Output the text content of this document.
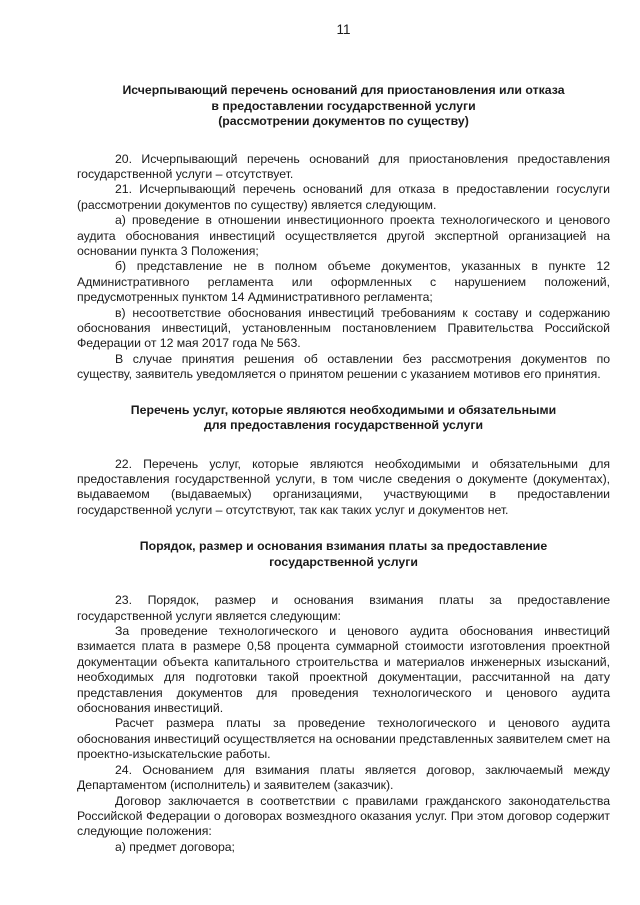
11
Исчерпывающий перечень оснований для приостановления или отказа
в предоставлении государственной услуги
(рассмотрении документов по существу)

20. Исчерпывающий перечень оснований для приостановления предоставления государственной услуги – отсутствует.

21. Исчерпывающий перечень оснований для отказа в предоставлении госуслуги (рассмотрении документов по существу) является следующим.

а) проведение в отношении инвестиционного проекта технологического и ценового аудита обоснования инвестиций осуществляется другой экспертной организацией на основании пункта 3 Положения;

б) представление не в полном объеме документов, указанных в пункте 12 Административного регламента или оформленных с нарушением положений, предусмотренных пунктом 14 Административного регламента;

в) несоответствие обоснования инвестиций требованиям к составу и содержанию обоснования инвестиций, установленным постановлением Правительства Российской Федерации от 12 мая 2017 года № 563.

В случае принятия решения об оставлении без рассмотрения документов по существу, заявитель уведомляется о принятом решении с указанием мотивов его принятия.

Перечень услуг, которые являются необходимыми и обязательными
для предоставления государственной услуги

22. Перечень услуг, которые являются необходимыми и обязательными для предоставления государственной услуги, в том числе сведения о документе (документах), выдаваемом (выдаваемых) организациями, участвующими в предоставлении государственной услуги – отсутствуют, так как таких услуг и документов нет.

Порядок, размер и основания взимания платы за предоставление
государственной услуги

23. Порядок, размер и основания взимания платы за предоставление государственной услуги является следующим:

За проведение технологического и ценового аудита обоснования инвестиций взимается плата в размере 0,58 процента суммарной стоимости изготовления проектной документации объекта капитального строительства и материалов инженерных изысканий, необходимых для подготовки такой проектной документации, рассчитанной на дату представления документов для проведения технологического и ценового аудита обоснования инвестиций.

Расчет размера платы за проведение технологического и ценового аудита обоснования инвестиций осуществляется на основании представленных заявителем смет на проектно-изыскательские работы.

24. Основанием для взимания платы является договор, заключаемый между Департаментом (исполнитель) и заявителем (заказчик).

Договор заключается в соответствии с правилами гражданского законодательства Российской Федерации о договорах возмездного оказания услуг. При этом договор содержит следующие положения:

а) предмет договора;
